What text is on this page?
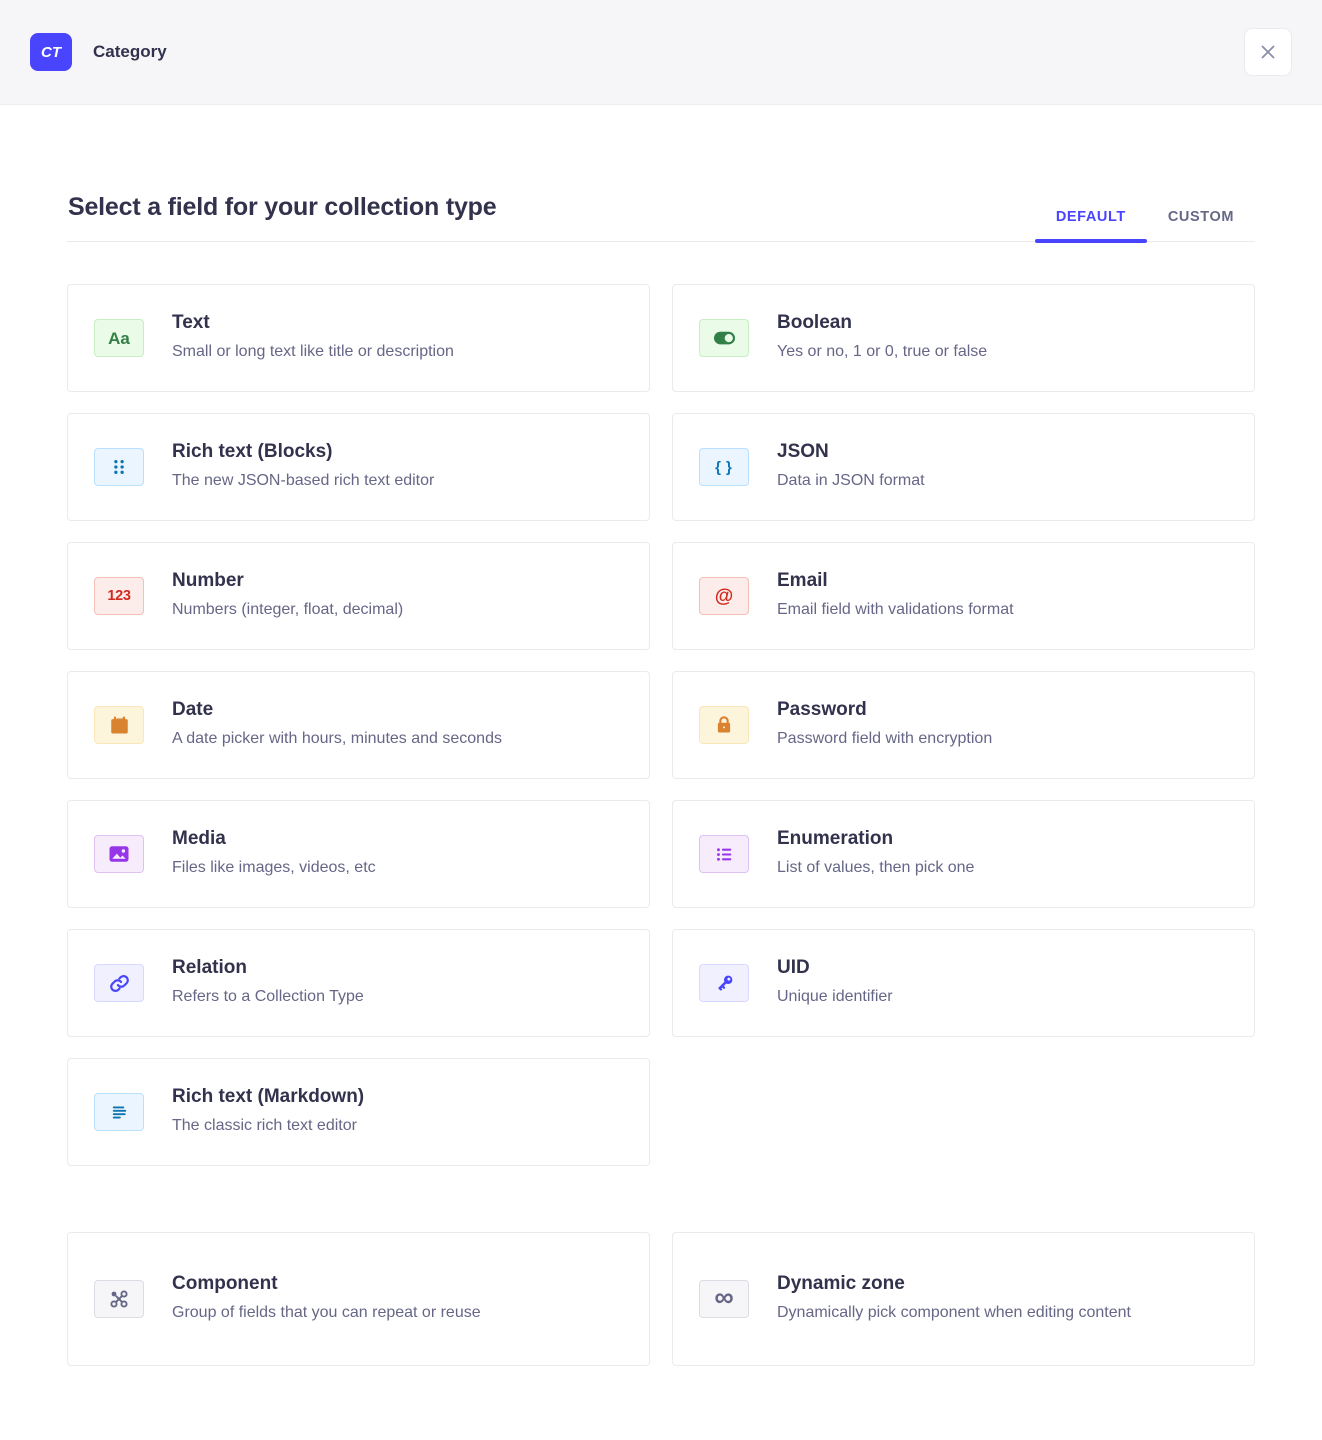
CT	Category
Select a field for your collection type	DEFAULT	CUSTOM
Aa
Text

Small or long text like title or description

Boolean

Yes or no, 1 or 0, true or false

Rich text (Blocks)

The new JSON-based rich text editor

{ }
JSON

Data in JSON format

123
Number

Numbers (integer, float, decimal)

@
Email

Email field with validations format

Date

A date picker with hours, minutes and seconds

Password

Password field with encryption

Media

Files like images, videos, etc

Enumeration

List of values, then pick one

Relation

Refers to a Collection Type

UID

Unique identifier

Rich text (Markdown)

The classic rich text editor

Component

Group of fields that you can repeat or reuse

∞ Dynamic zone

Dynamically pick component when editing content
